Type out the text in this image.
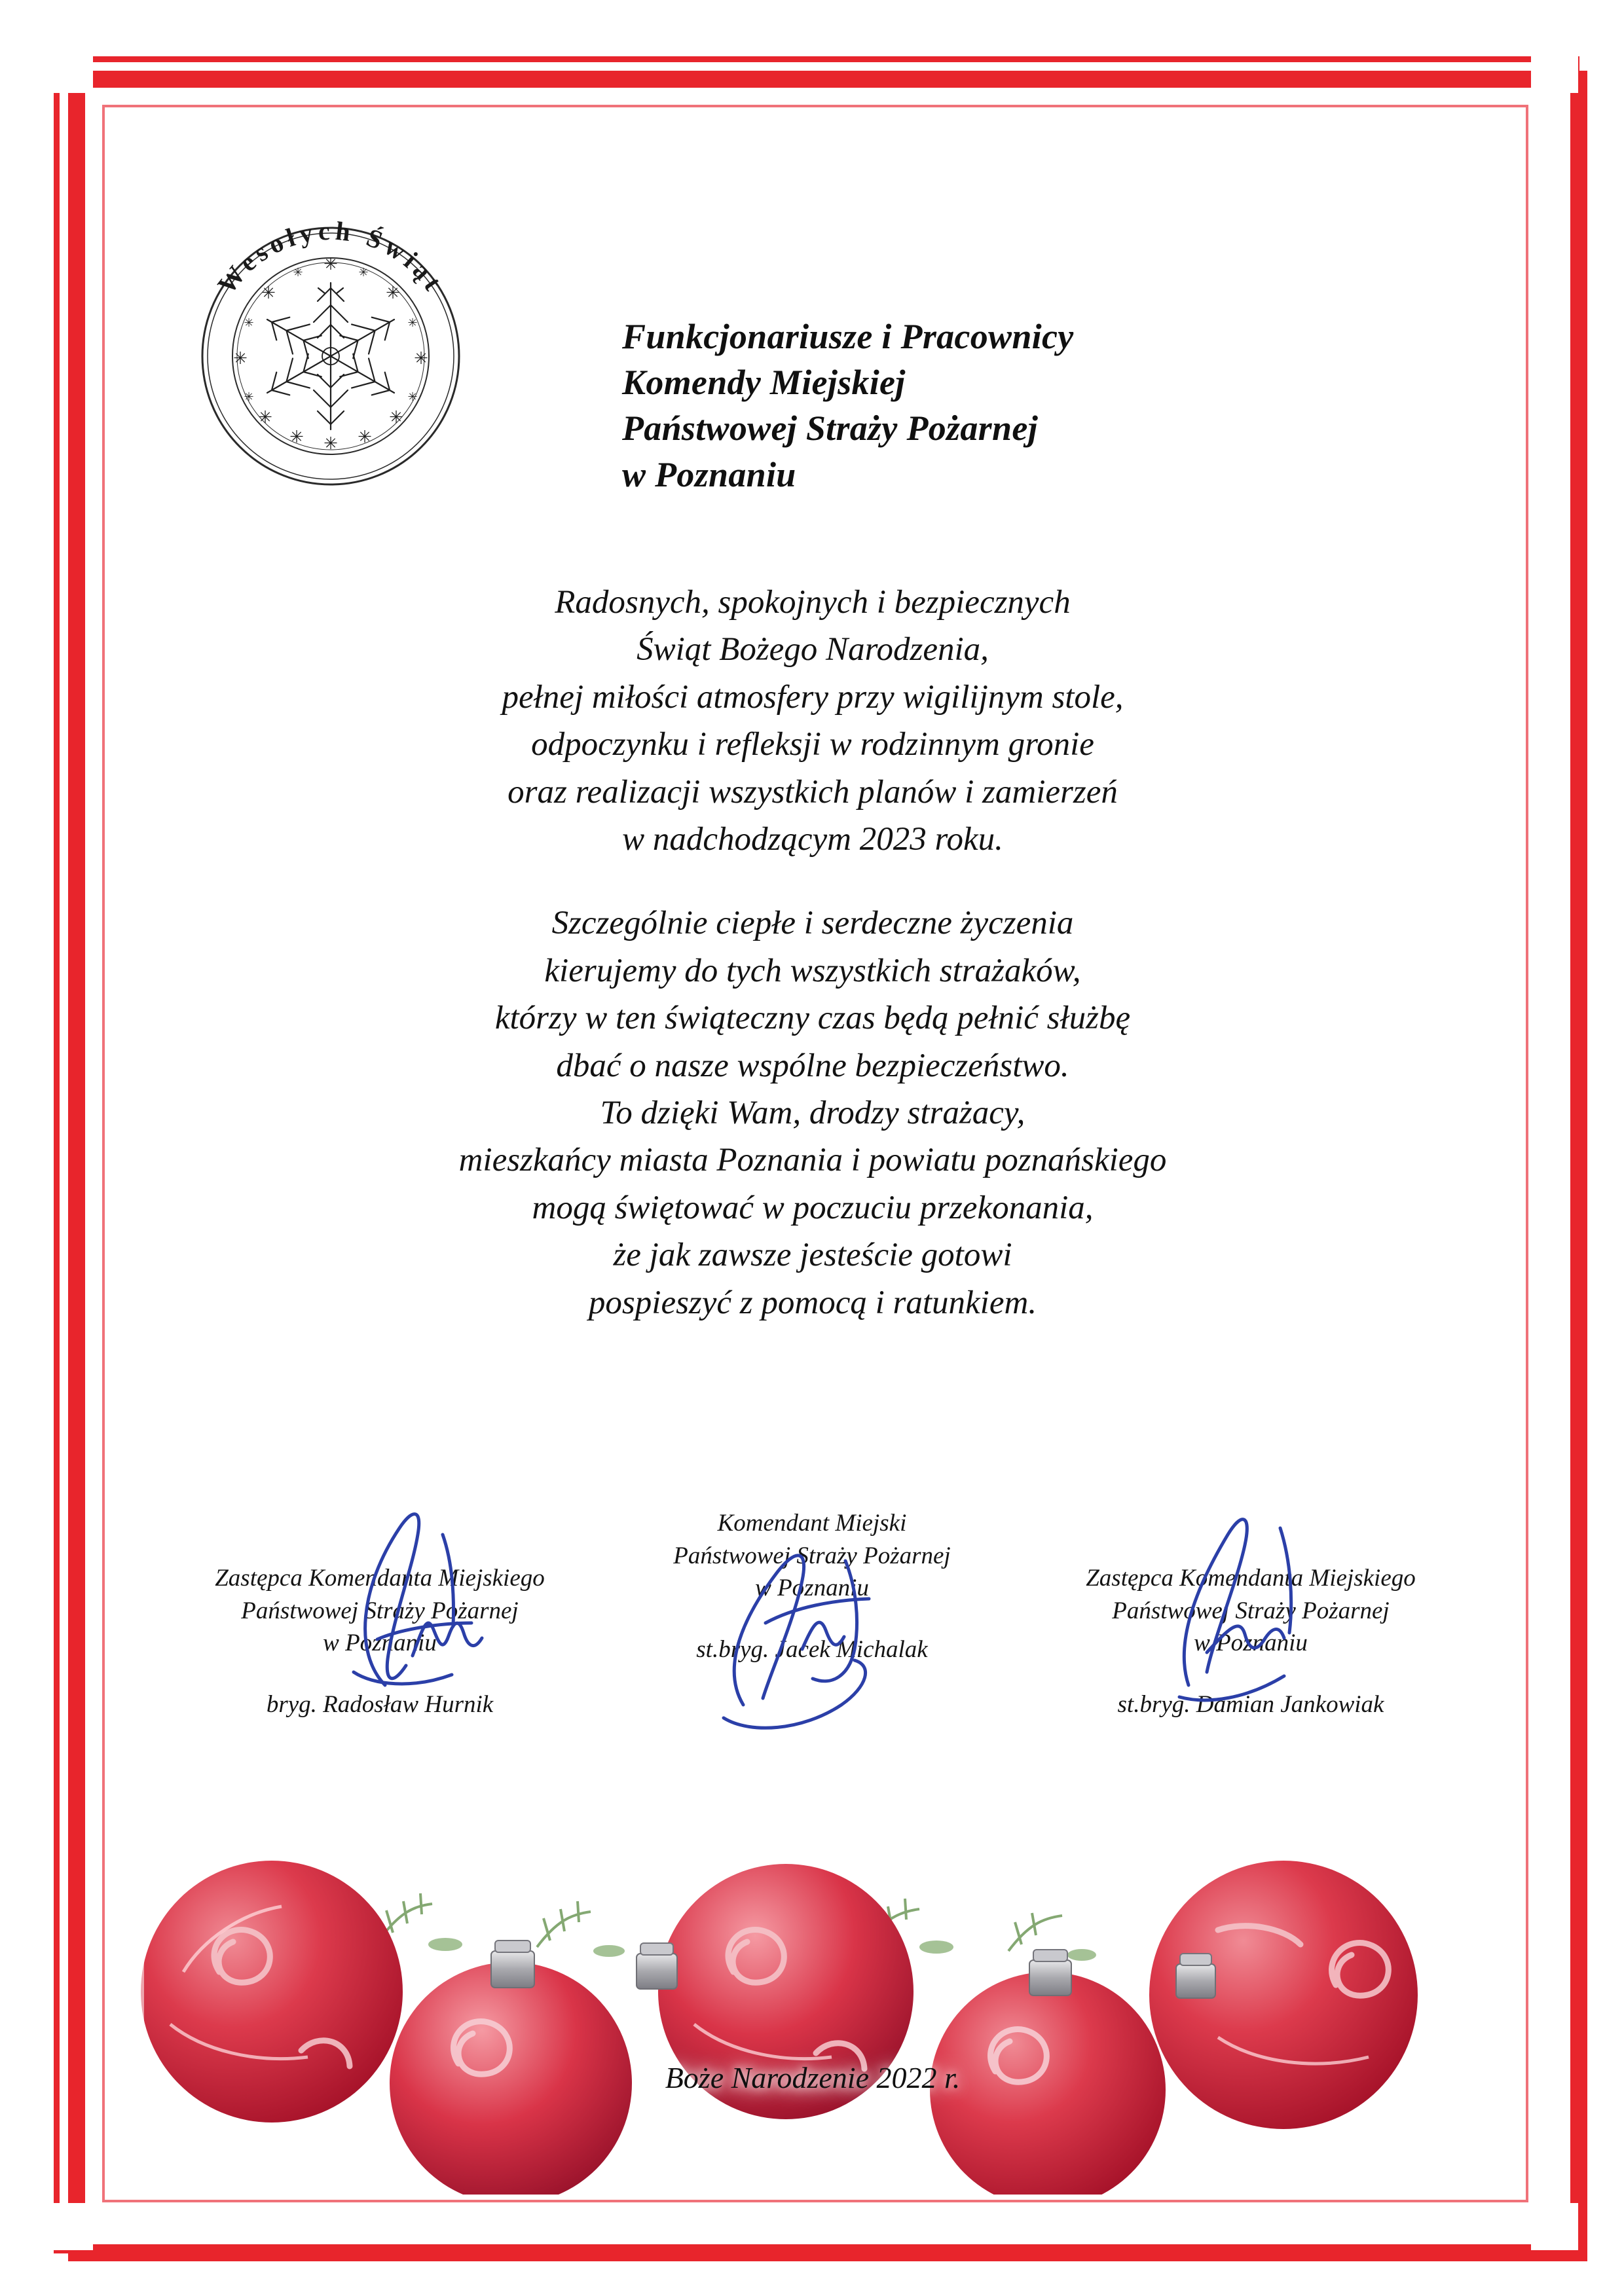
Wesołych Świąt
✳
✳	✳
✳	✳
✳	✳
✳
✳	✳
✳	✳
✳	✳
✳	✳
Funkcjonariusze i Pracownicy
Komendy Miejskiej
Państwowej Straży Pożarnej
w Poznaniu
Radosnych, spokojnych i bezpiecznych
Świąt Bożego Narodzenia,
pełnej miłości atmosfery przy wigilijnym stole,
odpoczynku i refleksji w rodzinnym gronie
oraz realizacji wszystkich planów i zamierzeń
w nadchodzącym 2023 roku.
Szczególnie ciepłe i serdeczne życzenia
kierujemy do tych wszystkich strażaków,
którzy w ten świąteczny czas będą pełnić służbę
dbać o nasze wspólne bezpieczeństwo.
To dzięki Wam, drodzy strażacy,
mieszkańcy miasta Poznania i powiatu poznańskiego
mogą świętować w poczuciu przekonania,
że jak zawsze jesteście gotowi
pospieszyć z pomocą i ratunkiem.
Zastępca Komendanta Miejskiego
Państwowej Straży Pożarnej
w Poznaniu
bryg. Radosław Hurnik
Komendant Miejski
Państwowej Straży Pożarnej
w Poznaniu
st.bryg. Jacek Michalak
Zastępca Komendanta Miejskiego
Państwowej Straży Pożarnej
w Poznaniu
st.bryg. Damian Jankowiak
Boże Narodzenie 2022 r.
